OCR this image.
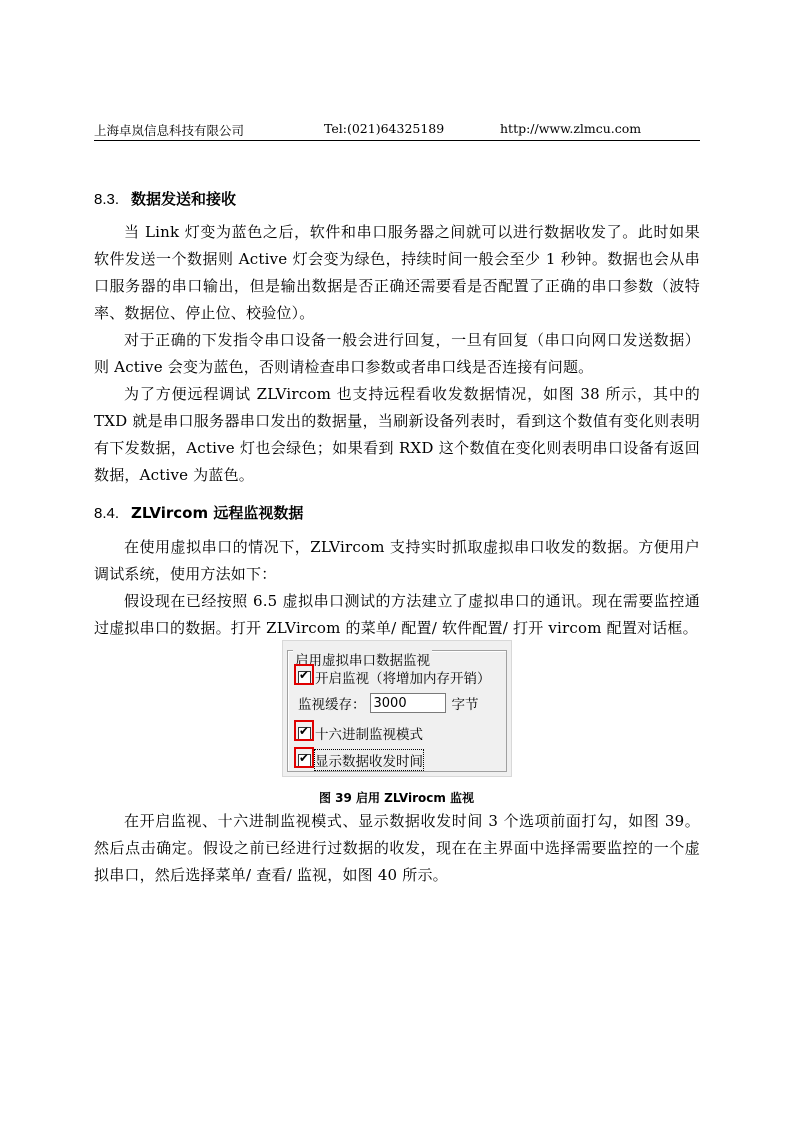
上海卓岚信息科技有限公司	Tel:(021)64325189	http://www.zlmcu.com
8.3. 数据发送和接收

当 Link 灯变为蓝色之后，软件和串口服务器之间就可以进行数据收发了。此时如果软件发送一个数据则 Active 灯会变为绿色，持续时间一般会至少 1 秒钟。数据也会从串口服务器的串口输出，但是输出数据是否正确还需要看是否配置了正确的串口参数（波特率、数据位、停止位、校验位）。

对于正确的下发指令串口设备一般会进行回复，一旦有回复（串口向网口发送数据）则 Active 会变为蓝色，否则请检查串口参数或者串口线是否连接有问题。

为了方便远程调试 ZLVircom 也支持远程看收发数据情况，如图 38 所示，其中的 TXD 就是串口服务器串口发出的数据量，当刷新设备列表时，看到这个数值有变化则表明有下发数据，Active 灯也会绿色；如果看到 RXD 这个数值在变化则表明串口设备有返回数据，Active 为蓝色。

8.4. ZLVircom 远程监视数据

在使用虚拟串口的情况下，ZLVircom 支持实时抓取虚拟串口收发的数据。方便用户调试系统，使用方法如下：

假设现在已经按照 6.5 虚拟串口测试的方法建立了虚拟串口的通讯。现在需要监控通过虚拟串口的数据。打开 ZLVircom 的菜单/ 配置/ 软件配置/ 打开 vircom 配置对话框。

启用虚拟串口数据监视
✔ 开启监视（将增加内存开销）
监视缓存：
3000	字节
✔ 十六进制监视模式
✔ 显示数据收发时间
图 39 启用 ZLVirocm 监视

在开启监视、十六进制监视模式、显示数据收发时间 3 个选项前面打勾，如图 39。然后点击确定。假设之前已经进行过数据的收发，现在在主界面中选择需要监控的一个虚拟串口，然后选择菜单/ 查看/ 监视，如图 40 所示。
